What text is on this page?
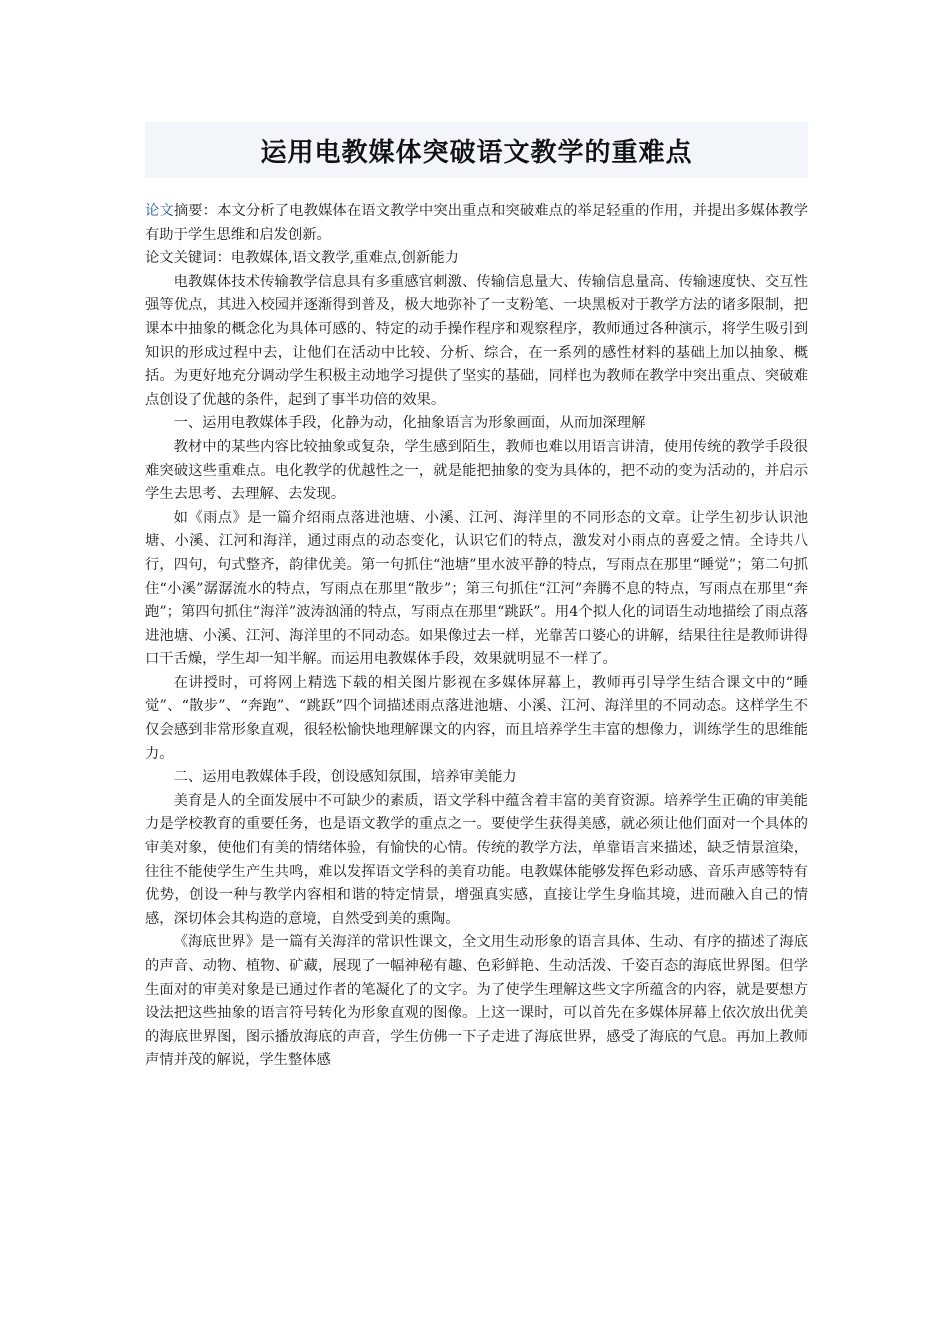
运用电教媒体突破语文教学的重难点

论文摘要：本文分析了电教媒体在语文教学中突出重点和突破难点的举足轻重的作用，并提出多媒体教学有助于学生思维和启发创新。

论文关键词：电教媒体,语文教学,重难点,创新能力

电教媒体技术传输教学信息具有多重感官刺激、传输信息量大、传输信息量高、传输速度快、交互性强等优点，其进入校园并逐渐得到普及，极大地弥补了一支粉笔、一块黑板对于教学方法的诸多限制，把课本中抽象的概念化为具体可感的、特定的动手操作程序和观察程序，教师通过各种演示，将学生吸引到知识的形成过程中去，让他们在活动中比较、分析、综合，在一系列的感性材料的基础上加以抽象、概括。为更好地充分调动学生积极主动地学习提供了坚实的基础，同样也为教师在教学中突出重点、突破难点创设了优越的条件，起到了事半功倍的效果。

一、运用电教媒体手段，化静为动，化抽象语言为形象画面，从而加深理解

教材中的某些内容比较抽象或复杂，学生感到陌生，教师也难以用语言讲清，使用传统的教学手段很难突破这些重难点。电化教学的优越性之一，就是能把抽象的变为具体的，把不动的变为活动的，并启示学生去思考、去理解、去发现。

如《雨点》是一篇介绍雨点落进池塘、小溪、江河、海洋里的不同形态的文章。让学生初步认识池塘、小溪、江河和海洋，通过雨点的动态变化，认识它们的特点，激发对小雨点的喜爱之情。全诗共八行，四句，句式整齐，韵律优美。第一句抓住“池塘”里水波平静的特点，写雨点在那里“睡觉”；第二句抓住“小溪”潺潺流水的特点，写雨点在那里“散步”；第三句抓住“江河”奔腾不息的特点，写雨点在那里“奔跑”；第四句抓住“海洋”波涛汹涌的特点，写雨点在那里“跳跃”。用4个拟人化的词语生动地描绘了雨点落进池塘、小溪、江河、海洋里的不同动态。如果像过去一样，光靠苦口婆心的讲解，结果往往是教师讲得口干舌燥，学生却一知半解。而运用电教媒体手段，效果就明显不一样了。

在讲授时，可将网上精选下载的相关图片影视在多媒体屏幕上，教师再引导学生结合课文中的“睡觉”、“散步”、“奔跑”、“跳跃”四个词描述雨点落进池塘、小溪、江河、海洋里的不同动态。这样学生不仅会感到非常形象直观，很轻松愉快地理解课文的内容，而且培养学生丰富的想像力，训练学生的思维能力。

二、运用电教媒体手段，创设感知氛围，培养审美能力

美育是人的全面发展中不可缺少的素质，语文学科中蕴含着丰富的美育资源。培养学生正确的审美能力是学校教育的重要任务，也是语文教学的重点之一。要使学生获得美感，就必须让他们面对一个具体的审美对象，使他们有美的情绪体验，有愉快的心情。传统的教学方法，单靠语言来描述，缺乏情景渲染，往往不能使学生产生共鸣，难以发挥语文学科的美育功能。电教媒体能够发挥色彩动感、音乐声感等特有优势，创设一种与教学内容相和谐的特定情景，增强真实感，直接让学生身临其境，进而融入自己的情感，深切体会其构造的意境，自然受到美的熏陶。

《海底世界》是一篇有关海洋的常识性课文，全文用生动形象的语言具体、生动、有序的描述了海底的声音、动物、植物、矿藏，展现了一幅神秘有趣、色彩鲜艳、生动活泼、千姿百态的海底世界图。但学生面对的审美对象是已通过作者的笔凝化了的文字。为了使学生理解这些文字所蕴含的内容，就是要想方设法把这些抽象的语言符号转化为形象直观的图像。上这一课时，可以首先在多媒体屏幕上依次放出优美的海底世界图，图示播放海底的声音，学生仿佛一下子走进了海底世界，感受了海底的气息。再加上教师声情并茂的解说，学生整体感
